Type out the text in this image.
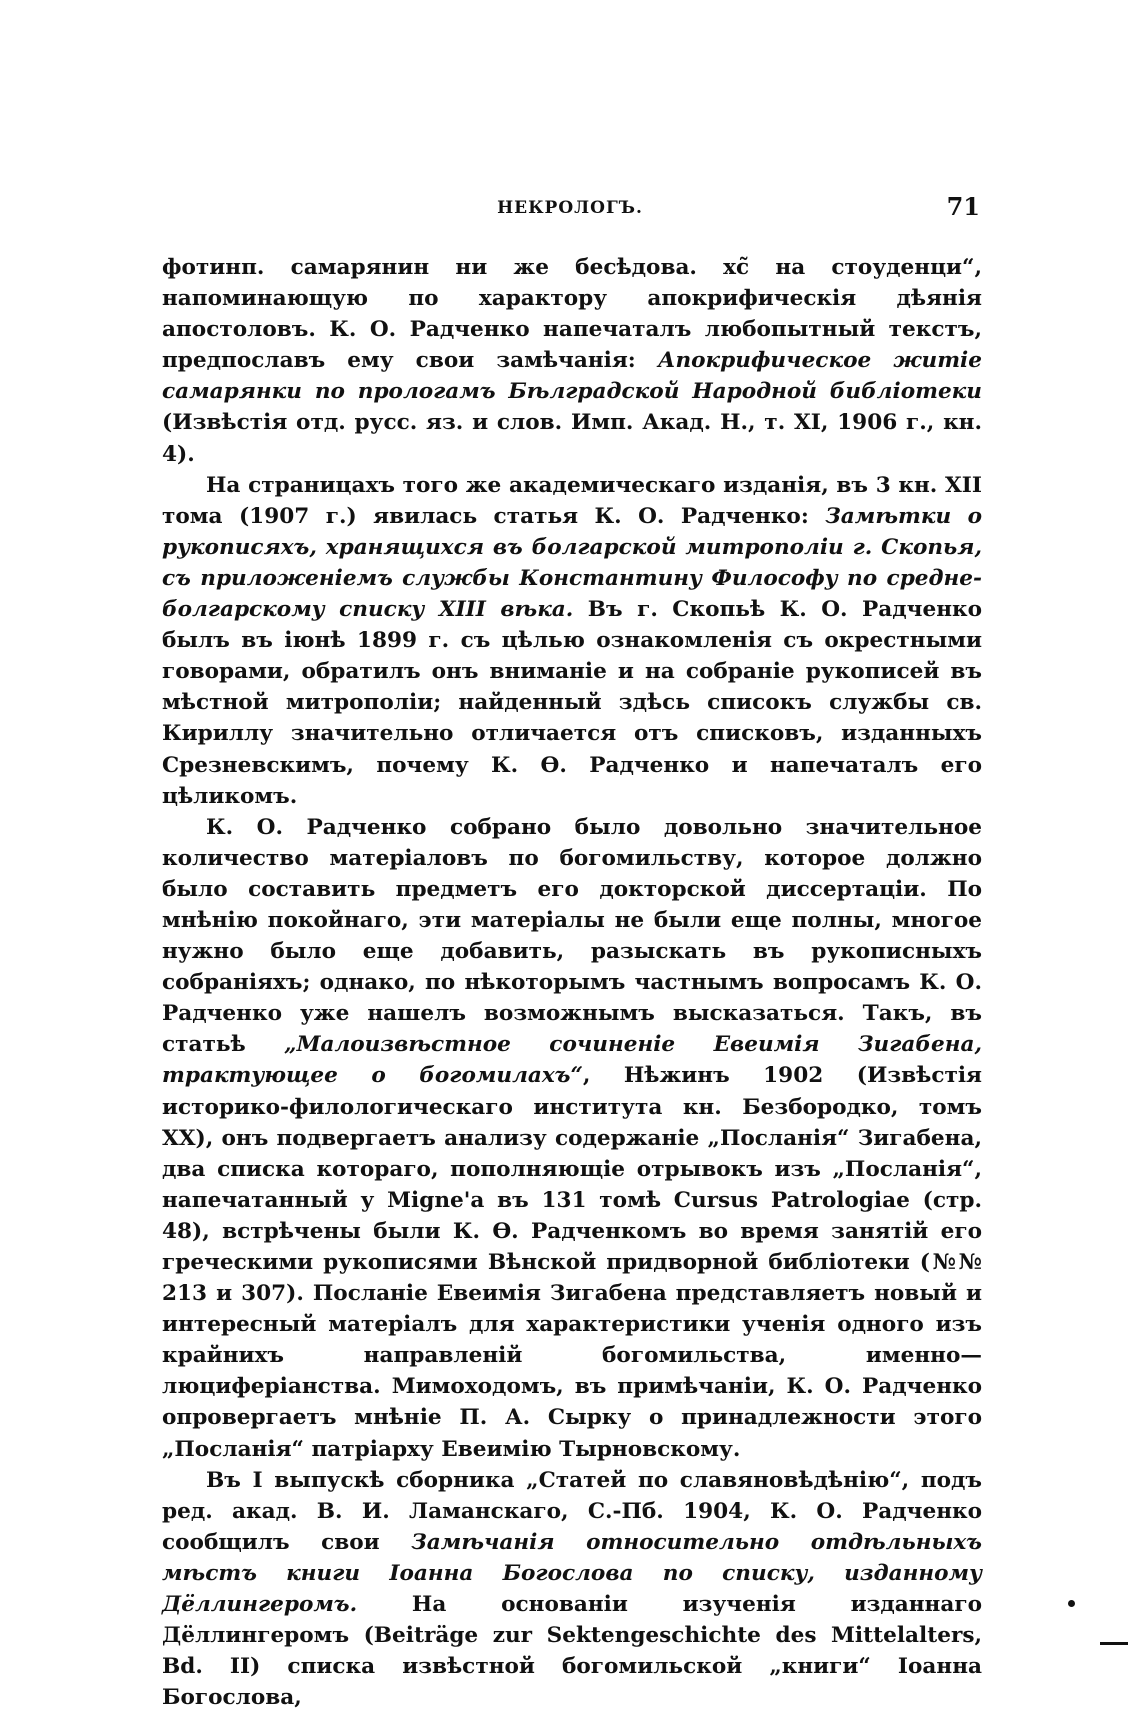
НЕКРОЛОГЪ.	71

фотинп. самарянин ни же бесѣдова. хс̃ на стоуденци“, напоминающую по характору апокрифическія дѣянія апостоловъ. К. О. Радченко напечаталъ любопытный текстъ, предпославъ ему свои замѣчанія: Апокрифическое житіе самарянки по прологамъ Бѣлградской Народной библіотеки (Извѣстія отд. русс. яз. и слов. Имп. Акад. Н., т. XI, 1906 г., кн. 4).

На страницахъ того же академическаго изданія, въ 3 кн. XII тома (1907 г.) явилась статья К. О. Радченко: Замѣтки о рукописяхъ, хранящихся въ болгарской митрополіи г. Скопья, съ приложеніемъ службы Константину Философу по средне-болгарскому списку XIII вѣка. Въ г. Скопьѣ К. О. Радченко былъ въ іюнѣ 1899 г. съ цѣлью ознакомленія съ окрестными говорами, обратилъ онъ вниманіе и на собраніе рукописей въ мѣстной митрополіи; найденный здѣсь списокъ службы св. Кириллу значительно отличается отъ списковъ, изданныхъ Срезневскимъ, почему К. Ѳ. Радченко и напечаталъ его цѣликомъ.

К. О. Радченко собрано было довольно значительное количество матеріаловъ по богомильству, которое должно было составить предметъ его докторской диссертаціи. По мнѣнію покойнаго, эти матеріалы не были еще полны, многое нужно было еще добавить, разыскать въ рукописныхъ собраніяхъ; однако, по нѣкоторымъ частнымъ вопросамъ К. О. Радченко уже нашелъ возможнымъ высказаться. Такъ, въ статьѣ „Малоизвѣстное сочиненіе Евеимія Зигабена, трактующее о богомилахъ“, Нѣжинъ 1902 (Извѣстія историко-филологическаго института кн. Безбородко, томъ XX), онъ подвергаетъ анализу содержаніе „Посланія“ Зигабена, два списка котораго, пополняющіе отрывокъ изъ „Посланія“, напечатанный у Migne'a въ 131 томѣ Cursus Patrologiae (стр. 48), встрѣчены были К. Ѳ. Радченкомъ во время занятій его греческими рукописями Вѣнской придворной библіотеки (№№ 213 и 307). Посланіе Евеимія Зигабена представляетъ новый и интересный матеріалъ для характеристики ученія одного изъ крайнихъ направленій богомильства, именно—люциферіанства. Мимоходомъ, въ примѣчаніи, К. О. Радченко опровергаетъ мнѣніе П. А. Сырку о принадлежности этого „Посланія“ патріарху Евеимію Тырновскому.

Въ I выпускѣ сборника „Статей по славяновѣдѣнію“, подъ ред. акад. В. И. Ламанскаго, С.-Пб. 1904, К. О. Радченко сообщилъ свои Замѣчанія относительно отдѣльныхъ мѣстъ книги Іоанна Богослова по списку, изданному Дёллингеромъ. На основаніи изученія изданнаго Дёллингеромъ (Beiträge zur Sektengeschichte des Mittelalters, Bd. II) списка извѣстной богомильской „книги“ Іоанна Богослова,
